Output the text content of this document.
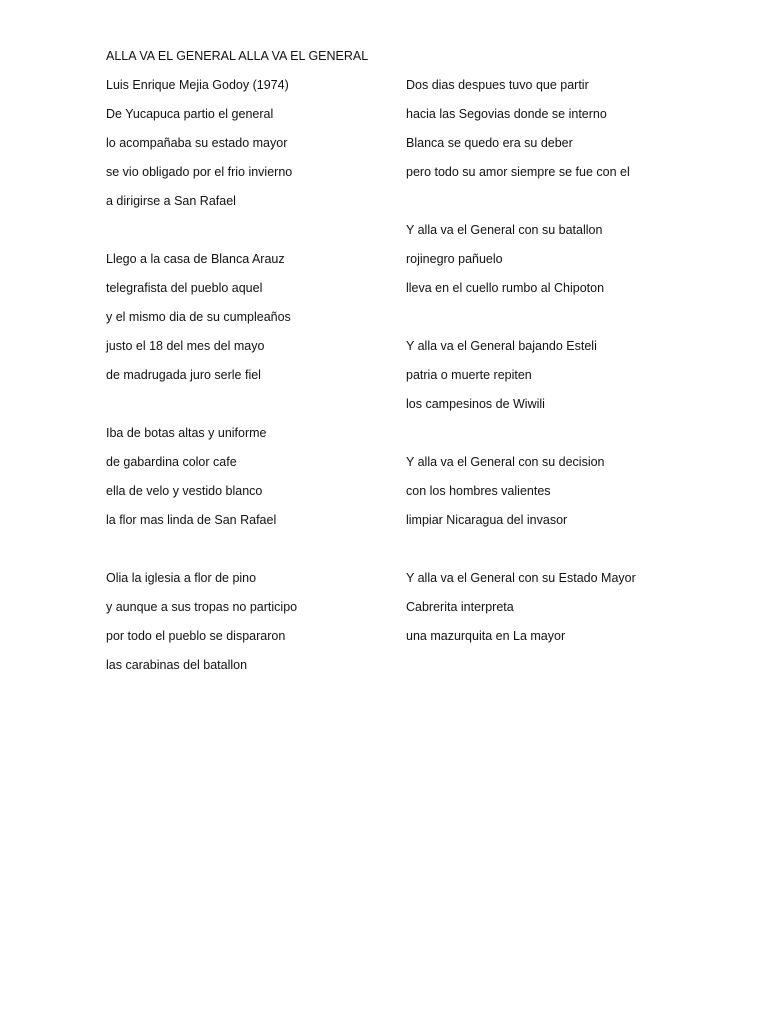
ALLA VA EL GENERAL ALLA VA EL GENERAL
Luis Enrique Mejia Godoy (1974)
De Yucapuca partio el general
lo acompañaba su estado mayor
se vio obligado por el frio invierno
a dirigirse a San Rafael
Llego a la casa de Blanca Arauz
telegrafista del pueblo aquel
y el mismo dia de su cumpleaños
justo el 18 del mes del mayo
de madrugada juro serle fiel
Iba de botas altas y uniforme
de gabardina color cafe
ella de velo y vestido blanco
la flor mas linda de San Rafael
Olia la iglesia a flor de pino
y aunque a sus tropas no participo
por todo el pueblo se dispararon
las carabinas del batallon
Dos dias despues tuvo que partir
hacia las Segovias donde se interno
Blanca se quedo era su deber
pero todo su amor siempre se fue con el
Y alla va el General con su batallon
rojinegro pañuelo
lleva en el cuello rumbo al Chipoton
Y alla va el General bajando Esteli
patria o muerte repiten
los campesinos de Wiwili
Y alla va el General con su decision
con los hombres valientes
limpiar Nicaragua del invasor
Y alla va el General con su Estado Mayor
Cabrerita interpreta
una mazurquita en La mayor
